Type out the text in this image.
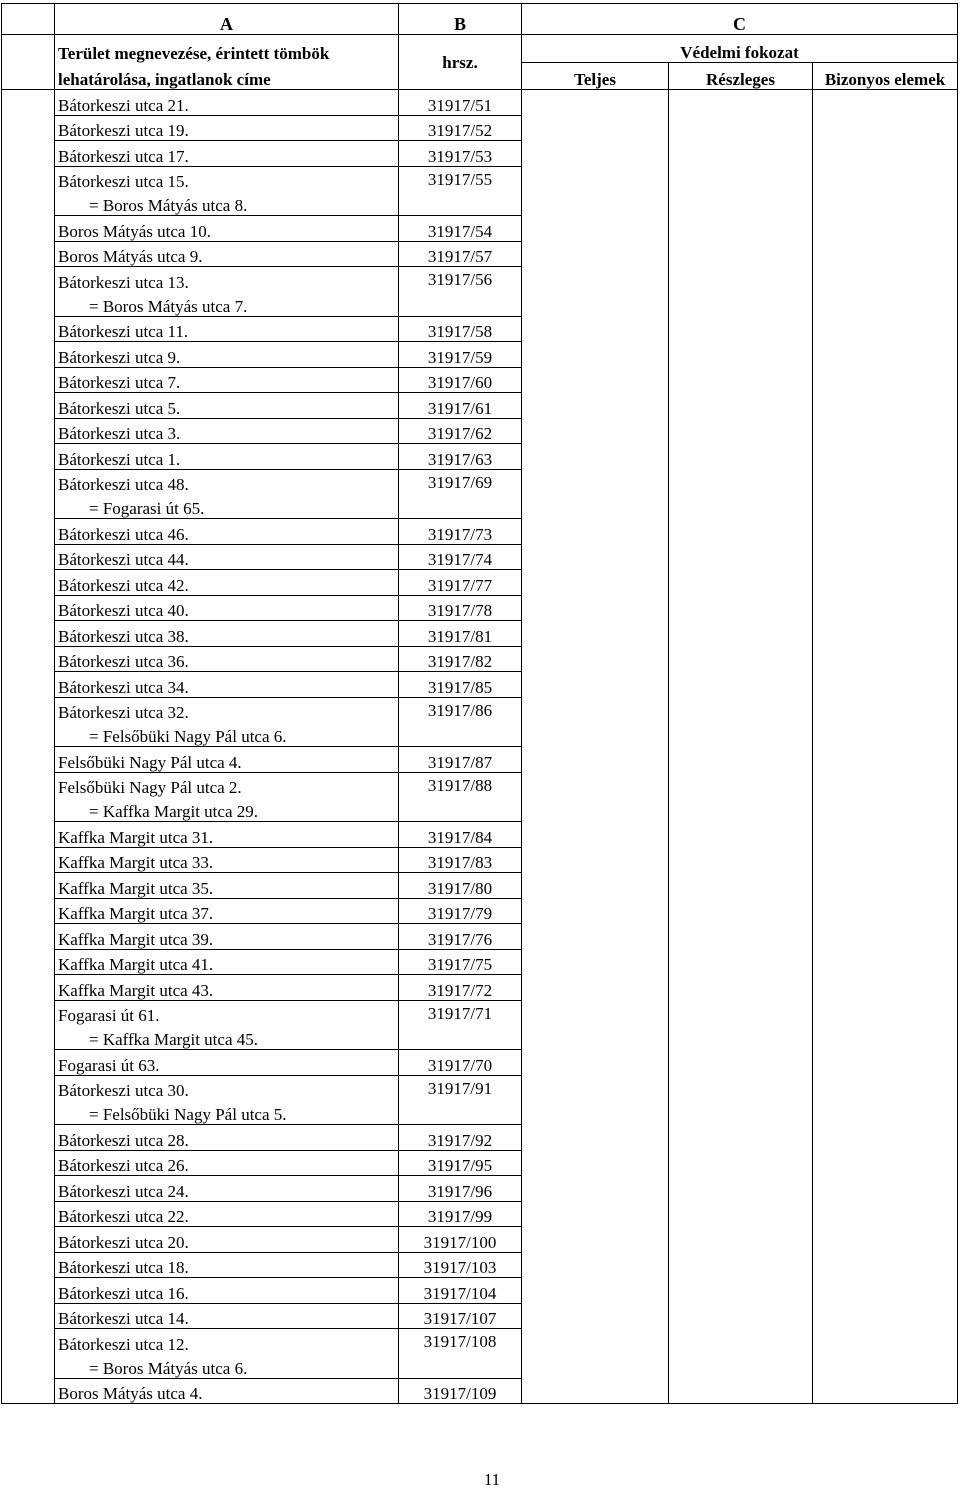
	A	B	C		
	Terület megnevezése, érintett tömbök	hrsz.	Védelmi fokozat		
	lehatárolása, ingatlanok címe		Teljes	Részleges	Bizonyos elemek
	Bátorkeszi utca 21.	31917/51			
	Bátorkeszi utca 19.	31917/52			
	Bátorkeszi utca 17.	31917/53			
	Bátorkeszi utca 15.	31917/55			
	= Boros Mátyás utca 8.				
	Boros Mátyás utca 10.	31917/54			
	Boros Mátyás utca 9.	31917/57			
	Bátorkeszi utca 13.	31917/56			
	= Boros Mátyás utca 7.				
	Bátorkeszi utca 11.	31917/58			
	Bátorkeszi utca 9.	31917/59			
	Bátorkeszi utca 7.	31917/60			
	Bátorkeszi utca 5.	31917/61			
	Bátorkeszi utca 3.	31917/62			
	Bátorkeszi utca 1.	31917/63			
	Bátorkeszi utca 48.	31917/69			
	= Fogarasi út 65.				
	Bátorkeszi utca 46.	31917/73			
	Bátorkeszi utca 44.	31917/74			
	Bátorkeszi utca 42.	31917/77			
	Bátorkeszi utca 40.	31917/78			
	Bátorkeszi utca 38.	31917/81			
	Bátorkeszi utca 36.	31917/82			
	Bátorkeszi utca 34.	31917/85			
	Bátorkeszi utca 32.	31917/86			
	= Felsőbüki Nagy Pál utca 6.				
	Felsőbüki Nagy Pál utca 4.	31917/87			
	Felsőbüki Nagy Pál utca 2.	31917/88			
	= Kaffka Margit utca 29.				
	Kaffka Margit utca 31.	31917/84			
	Kaffka Margit utca 33.	31917/83			
	Kaffka Margit utca 35.	31917/80			
	Kaffka Margit utca 37.	31917/79			
	Kaffka Margit utca 39.	31917/76			
	Kaffka Margit utca 41.	31917/75			
	Kaffka Margit utca 43.	31917/72			
	Fogarasi út 61.	31917/71			
	= Kaffka Margit utca 45.				
	Fogarasi út 63.	31917/70			
	Bátorkeszi utca 30.	31917/91			
	= Felsőbüki Nagy Pál utca 5.				
	Bátorkeszi utca 28.	31917/92			
	Bátorkeszi utca 26.	31917/95			
	Bátorkeszi utca 24.	31917/96			
	Bátorkeszi utca 22.	31917/99			
	Bátorkeszi utca 20.	31917/100			
	Bátorkeszi utca 18.	31917/103			
	Bátorkeszi utca 16.	31917/104			
	Bátorkeszi utca 14.	31917/107			
	Bátorkeszi utca 12.	31917/108			
	= Boros Mátyás utca 6.				
	Boros Mátyás utca 4.	31917/109			
11
